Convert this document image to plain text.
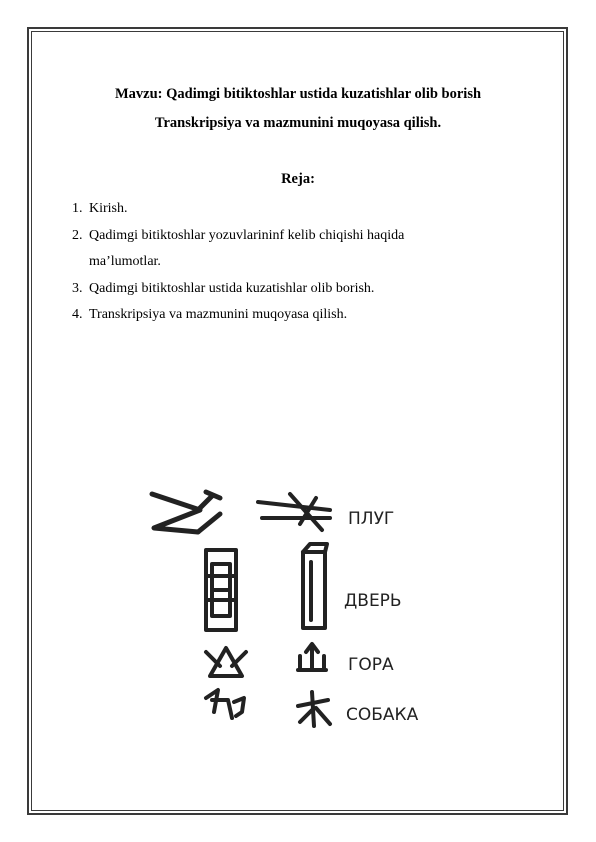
Mavzu: Qadimgi bitiktoshlar ustida kuzatishlar olib borish
Transkripsiya va mazmunini muqoyasa qilish.
Reja:
1. Kirish.
2. Qadimgi bitiktoshlar yozuvlarininf kelib chiqishi haqida
ma’lumotlar.
3. Qadimgi bitiktoshlar ustida kuzatishlar olib borish.
4. Transkripsiya va mazmunini muqoyasa qilish.
ПЛУГ
ДВЕРЬ
ГОРА
СОБАКА
